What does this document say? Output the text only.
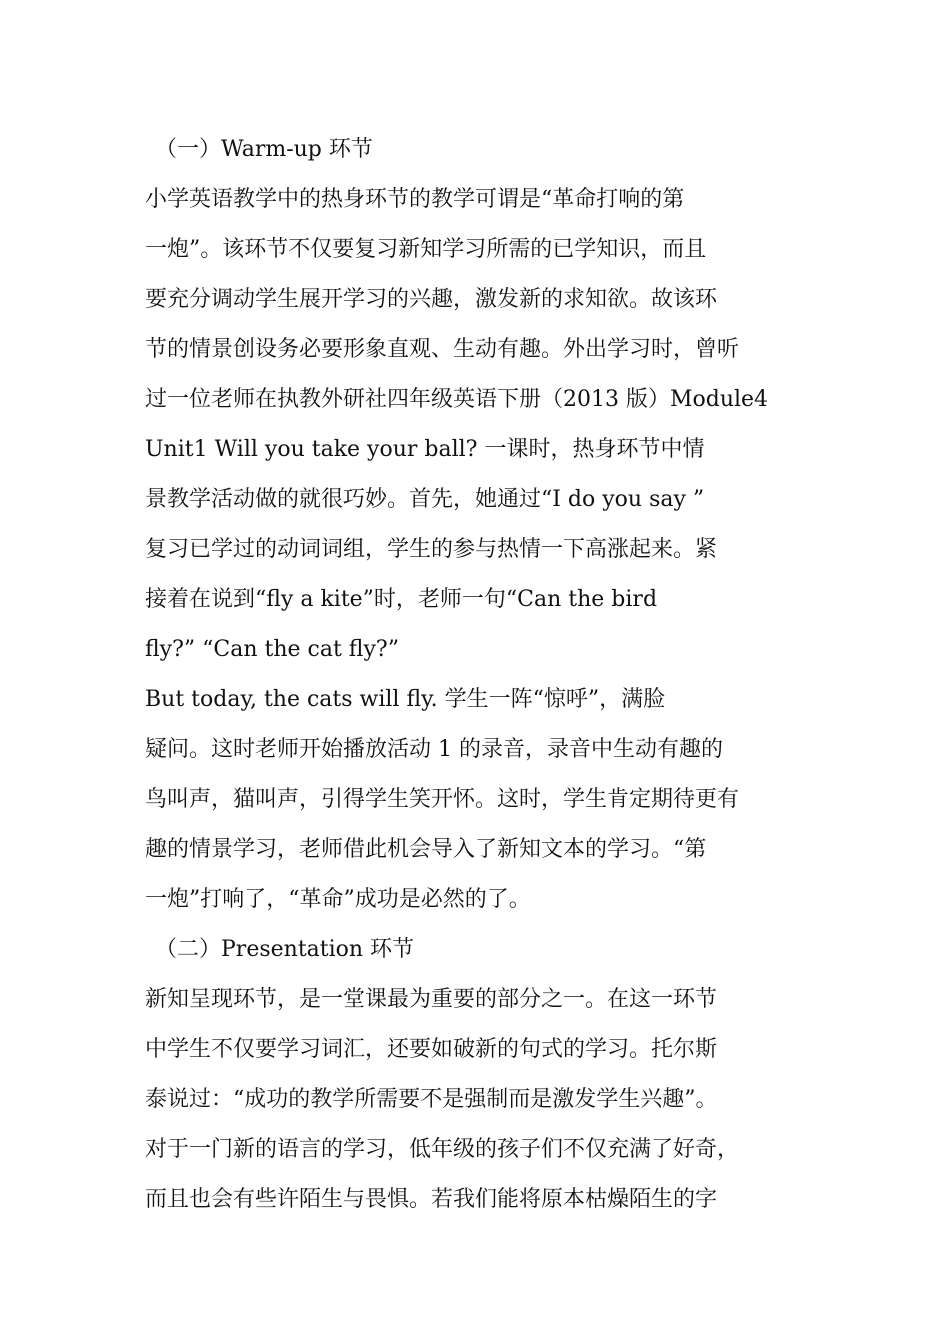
（一）Warm-up 环节
小学英语教学中的热身环节的教学可谓是“革命打响的第
一炮”。该环节不仅要复习新知学习所需的已学知识，而且
要充分调动学生展开学习的兴趣，激发新的求知欲。故该环
节的情景创设务必要形象直观、生动有趣。外出学习时，曾听
过一位老师在执教外研社四年级英语下册（2013 版）Module4
Unit1 Will you take your ball? 一课时，热身环节中情
景教学活动做的就很巧妙。首先，她通过“I do you say ”
复习已学过的动词词组，学生的参与热情一下高涨起来。紧
接着在说到“fly a kite”时，老师一句“Can the bird
fly?” “Can the cat fly?”
But today, the cats will fly. 学生一阵“惊呼”，满脸
疑问。这时老师开始播放活动 1 的录音，录音中生动有趣的
鸟叫声，猫叫声，引得学生笑开怀。这时，学生肯定期待更有
趣的情景学习，老师借此机会导入了新知文本的学习。“第
一炮”打响了，“革命”成功是必然的了。
（二）Presentation 环节
新知呈现环节，是一堂课最为重要的部分之一。在这一环节
中学生不仅要学习词汇，还要如破新的句式的学习。托尔斯
泰说过：“成功的教学所需要不是强制而是激发学生兴趣”。
对于一门新的语言的学习，低年级的孩子们不仅充满了好奇，
而且也会有些许陌生与畏惧。若我们能将原本枯燥陌生的字
